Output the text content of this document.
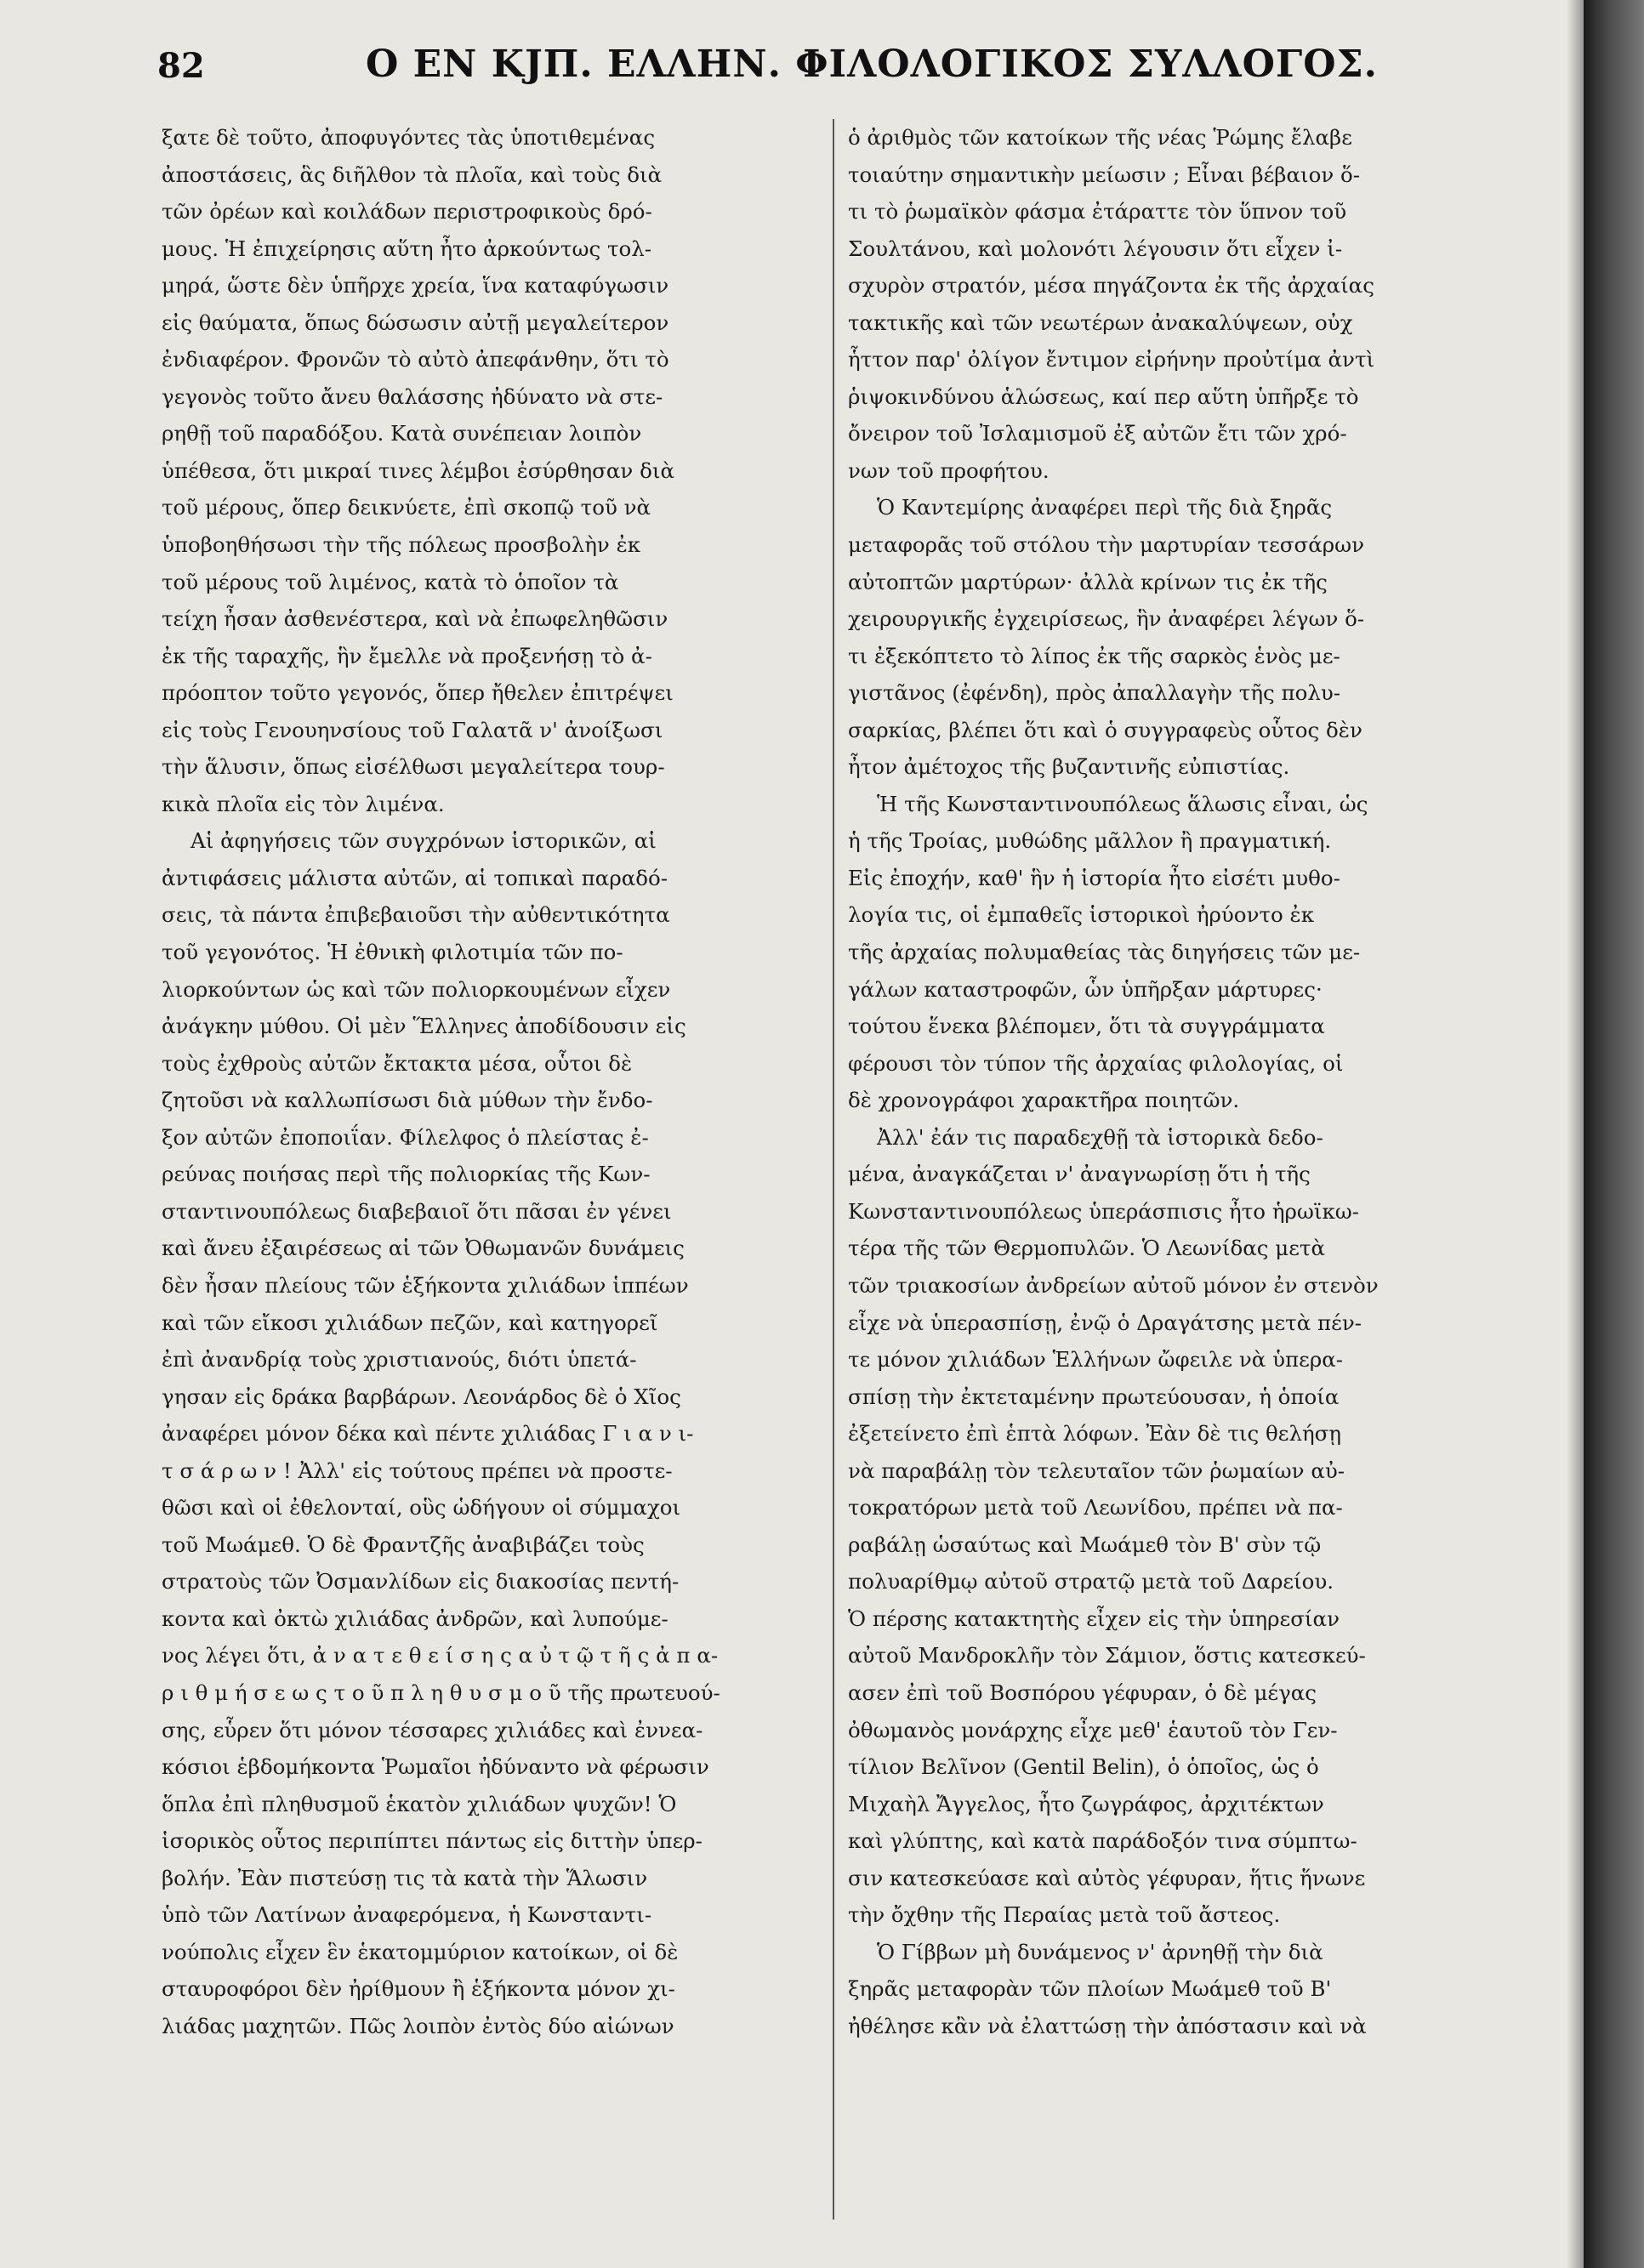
82	Ο ΕΝ ΚJΠ. ΕΛΛΗΝ. ΦΙΛΟΛΟΓΙΚΟΣ ΣΥΛΛΟΓΟΣ.

ξατε δὲ τοῦτο, ἀποφυγόντες τὰς ὑποτιθεμένας
ἀποστάσεις, ἃς διῆλθον τὰ πλοῖα, καὶ τοὺς διὰ
τῶν ὀρέων καὶ κοιλάδων περιστροφικοὺς δρό-
μους. Ἡ ἐπιχείρησις αὕτη ἦτο ἀρκούντως τολ-
μηρά, ὥστε δὲν ὑπῆρχε χρεία, ἵνα καταφύγωσιν
εἰς θαύματα, ὅπως δώσωσιν αὐτῇ μεγαλείτερον
ἐνδιαφέρον. Φρονῶν τὸ αὐτὸ ἀπεφάνθην, ὅτι τὸ
γεγονὸς τοῦτο ἄνευ θαλάσσης ἠδύνατο νὰ στε-
ρηθῇ τοῦ παραδόξου. Κατὰ συνέπειαν λοιπὸν
ὑπέθεσα, ὅτι μικραί τινες λέμβοι ἐσύρθησαν διὰ
τοῦ μέρους, ὅπερ δεικνύετε, ἐπὶ σκοπῷ τοῦ νὰ
ὑποβοηθήσωσι τὴν τῆς πόλεως προσβολὴν ἐκ
τοῦ μέρους τοῦ λιμένος, κατὰ τὸ ὁποῖον τὰ
τείχη ἦσαν ἀσθενέστερα, καὶ νὰ ἐπωφεληθῶσιν
ἐκ τῆς ταραχῆς, ἣν ἔμελλε νὰ προξενήσῃ τὸ ἀ-
πρόοπτον τοῦτο γεγονός, ὅπερ ἤθελεν ἐπιτρέψει
εἰς τοὺς Γενουηνσίους τοῦ Γαλατᾶ ν' ἀνοίξωσι
τὴν ἅλυσιν, ὅπως εἰσέλθωσι μεγαλείτερα τουρ-
κικὰ πλοῖα εἰς τὸν λιμένα.

Αἱ ἀφηγήσεις τῶν συγχρόνων ἱστορικῶν, αἱ
ἀντιφάσεις μάλιστα αὐτῶν, αἱ τοπικαὶ παραδό-
σεις, τὰ πάντα ἐπιβεβαιοῦσι τὴν αὐθεντικότητα
τοῦ γεγονότος. Ἡ ἐθνικὴ φιλοτιμία τῶν πο-
λιορκούντων ὡς καὶ τῶν πολιορκουμένων εἶχεν
ἀνάγκην μύθου. Οἱ μὲν Ἕλληνες ἀποδίδουσιν εἰς
τοὺς ἐχθροὺς αὐτῶν ἔκτακτα μέσα, οὗτοι δὲ
ζητοῦσι νὰ καλλωπίσωσι διὰ μύθων τὴν ἔνδο-
ξον αὐτῶν ἐποποιΐαν. Φίλελφος ὁ πλείστας ἐ-
ρεύνας ποιήσας περὶ τῆς πολιορκίας τῆς Κων-
σταντινουπόλεως διαβεβαιοῖ ὅτι πᾶσαι ἐν γένει
καὶ ἄνευ ἐξαιρέσεως αἱ τῶν Ὀθωμανῶν δυνάμεις
δὲν ἦσαν πλείους τῶν ἑξήκοντα χιλιάδων ἱππέων
καὶ τῶν εἴκοσι χιλιάδων πεζῶν, καὶ κατηγορεῖ
ἐπὶ ἀνανδρίᾳ τοὺς χριστιανούς, διότι ὑπετά-
γησαν εἰς δράκα βαρβάρων. Λεονάρδος δὲ ὁ Χῖος
ἀναφέρει μόνον δέκα καὶ πέντε χιλιάδας Γ ι α ν ι-
τ σ ά ρ ω ν ! Ἀλλ' εἰς τούτους πρέπει νὰ προστε-
θῶσι καὶ οἱ ἐθελονταί, οὓς ὡδήγουν οἱ σύμμαχοι
τοῦ Μωάμεθ. Ὁ δὲ Φραντζῆς ἀναβιβάζει τοὺς
στρατοὺς τῶν Ὀσμανλίδων εἰς διακοσίας πεντή-
κοντα καὶ ὀκτὼ χιλιάδας ἀνδρῶν, καὶ λυπούμε-
νος λέγει ὅτι, ἀ ν α τ ε θ ε ί σ η ς α ὐ τ ῷ τ ῆ ς ἀ π α-
ρ ι θ μ ή σ ε ω ς τ ο ῦ π λ η θ υ σ μ ο ῦ τῆς πρωτευού-
σης, εὗρεν ὅτι μόνον τέσσαρες χιλιάδες καὶ ἐννεα-
κόσιοι ἑβδομήκοντα Ῥωμαῖοι ἠδύναντο νὰ φέρωσιν
ὅπλα ἐπὶ πληθυσμοῦ ἑκατὸν χιλιάδων ψυχῶν! Ὁ
ἱσορικὸς οὗτος περιπίπτει πάντως εἰς διττὴν ὑπερ-
βολήν. Ἐὰν πιστεύσῃ τις τὰ κατὰ τὴν Ἅλωσιν
ὑπὸ τῶν Λατίνων ἀναφερόμενα, ἡ Κωνσταντι-
νούπολις εἶχεν ἓν ἑκατομμύριον κατοίκων, οἱ δὲ
σταυροφόροι δὲν ἠρίθμουν ἢ ἑξήκοντα μόνον χι-
λιάδας μαχητῶν. Πῶς λοιπὸν ἐντὸς δύο αἰώνων

ὁ ἀριθμὸς τῶν κατοίκων τῆς νέας Ῥώμης ἔλαβε
τοιαύτην σημαντικὴν μείωσιν ; Εἶναι βέβαιον ὅ-
τι τὸ ῥωμαϊκὸν φάσμα ἐτάραττε τὸν ὕπνον τοῦ
Σουλτάνου, καὶ μολονότι λέγουσιν ὅτι εἶχεν ἰ-
σχυρὸν στρατόν, μέσα πηγάζοντα ἐκ τῆς ἀρχαίας
τακτικῆς καὶ τῶν νεωτέρων ἀνακαλύψεων, οὐχ
ἧττον παρ' ὀλίγον ἔντιμον εἰρήνην προὐτίμα ἀντὶ
ῥιψοκινδύνου ἁλώσεως, καί περ αὕτη ὑπῆρξε τὸ
ὄνειρον τοῦ Ἰσλαμισμοῦ ἐξ αὐτῶν ἔτι τῶν χρό-
νων τοῦ προφήτου.

Ὁ Καντεμίρης ἀναφέρει περὶ τῆς διὰ ξηρᾶς
μεταφορᾶς τοῦ στόλου τὴν μαρτυρίαν τεσσάρων
αὐτοπτῶν μαρτύρων· ἀλλὰ κρίνων τις ἐκ τῆς
χειρουργικῆς ἐγχειρίσεως, ἣν ἀναφέρει λέγων ὅ-
τι ἐξεκόπτετο τὸ λίπος ἐκ τῆς σαρκὸς ἑνὸς με-
γιστᾶνος (ἐφένδη), πρὸς ἀπαλλαγὴν τῆς πολυ-
σαρκίας, βλέπει ὅτι καὶ ὁ συγγραφεὺς οὗτος δὲν
ἦτον ἀμέτοχος τῆς βυζαντινῆς εὐπιστίας.

Ἡ τῆς Κωνσταντινουπόλεως ἅλωσις εἶναι, ὡς
ἡ τῆς Τροίας, μυθώδης μᾶλλον ἢ πραγματική.
Εἰς ἐποχήν, καθ' ἣν ἡ ἱστορία ἦτο εἰσέτι μυθο-
λογία τις, οἱ ἐμπαθεῖς ἱστορικοὶ ἠρύοντο ἐκ
τῆς ἀρχαίας πολυμαθείας τὰς διηγήσεις τῶν με-
γάλων καταστροφῶν, ὧν ὑπῆρξαν μάρτυρες·
τούτου ἕνεκα βλέπομεν, ὅτι τὰ συγγράμματα
φέρουσι τὸν τύπον τῆς ἀρχαίας φιλολογίας, οἱ
δὲ χρονογράφοι χαρακτῆρα ποιητῶν.

Ἀλλ' ἐάν τις παραδεχθῇ τὰ ἱστορικὰ δεδο-
μένα, ἀναγκάζεται ν' ἀναγνωρίσῃ ὅτι ἡ τῆς
Κωνσταντινουπόλεως ὑπεράσπισις ἦτο ἡρωϊκω-
τέρα τῆς τῶν Θερμοπυλῶν. Ὁ Λεωνίδας μετὰ
τῶν τριακοσίων ἀνδρείων αὐτοῦ μόνον ἐν στενὸν
εἶχε νὰ ὑπερασπίσῃ, ἐνῷ ὁ Δραγάτσης μετὰ πέν-
τε μόνον χιλιάδων Ἑλλήνων ὤφειλε νὰ ὑπερα-
σπίσῃ τὴν ἐκτεταμένην πρωτεύουσαν, ἡ ὁποία
ἐξετείνετο ἐπὶ ἑπτὰ λόφων. Ἐὰν δὲ τις θελήσῃ
νὰ παραβάλῃ τὸν τελευταῖον τῶν ῥωμαίων αὐ-
τοκρατόρων μετὰ τοῦ Λεωνίδου, πρέπει νὰ πα-
ραβάλῃ ὡσαύτως καὶ Μωάμεθ τὸν Β' σὺν τῷ
πολυαρίθμῳ αὐτοῦ στρατῷ μετὰ τοῦ Δαρείου.
Ὁ πέρσης κατακτητὴς εἶχεν εἰς τὴν ὑπηρεσίαν
αὐτοῦ Μανδροκλῆν τὸν Σάμιον, ὅστις κατεσκεύ-
ασεν ἐπὶ τοῦ Βοσπόρου γέφυραν, ὁ δὲ μέγας
ὀθωμανὸς μονάρχης εἶχε μεθ' ἑαυτοῦ τὸν Γεν-
τίλιον Βελῖνον (Gentil Belin), ὁ ὁποῖος, ὡς ὁ
Μιχαὴλ Ἄγγελος, ἦτο ζωγράφος, ἀρχιτέκτων
καὶ γλύπτης, καὶ κατὰ παράδοξόν τινα σύμπτω-
σιν κατεσκεύασε καὶ αὐτὸς γέφυραν, ἥτις ἥνωνε
τὴν ὄχθην τῆς Περαίας μετὰ τοῦ ἄστεος.

Ὁ Γίββων μὴ δυνάμενος ν' ἀρνηθῇ τὴν διὰ
ξηρᾶς μεταφορὰν τῶν πλοίων Μωάμεθ τοῦ Β'
ἠθέλησε κἂν νὰ ἐλαττώσῃ τὴν ἀπόστασιν καὶ νὰ
